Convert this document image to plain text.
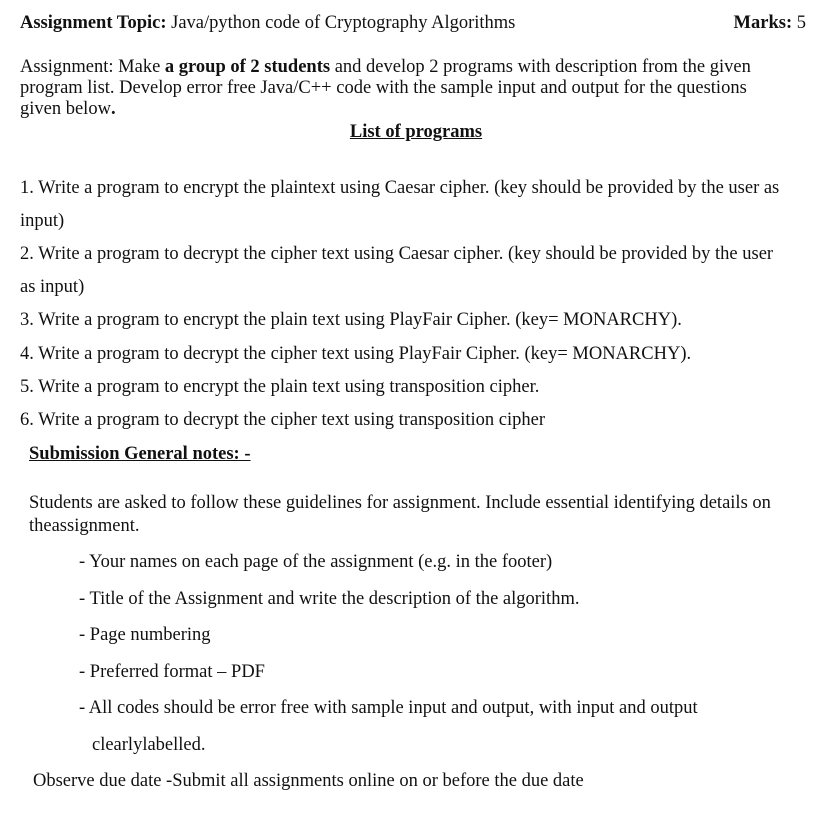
Assignment Topic: Java/python code of Cryptography Algorithms	Marks: 5
Assignment: Make a group of 2 students and develop 2 programs with description from the given
program list. Develop error free Java/C++ code with the sample input and output for the questions
given below.
List of programs
1. Write a program to encrypt the plaintext using Caesar cipher. (key should be provided by the user as
input)
2. Write a program to decrypt the cipher text using Caesar cipher. (key should be provided by the user
as input)
3. Write a program to encrypt the plain text using PlayFair Cipher. (key= MONARCHY).
4. Write a program to decrypt the cipher text using PlayFair Cipher. (key= MONARCHY).
5. Write a program to encrypt the plain text using transposition cipher.
6. Write a program to decrypt the cipher text using transposition cipher
Submission General notes: -
Students are asked to follow these guidelines for assignment. Include essential identifying details on
theassignment.
- Your names on each page of the assignment (e.g. in the footer)
- Title of the Assignment and write the description of the algorithm.
- Page numbering
- Preferred format – PDF
- All codes should be error free with sample input and output, with input and output
clearlylabelled.
Observe due date -Submit all assignments online on or before the due date
